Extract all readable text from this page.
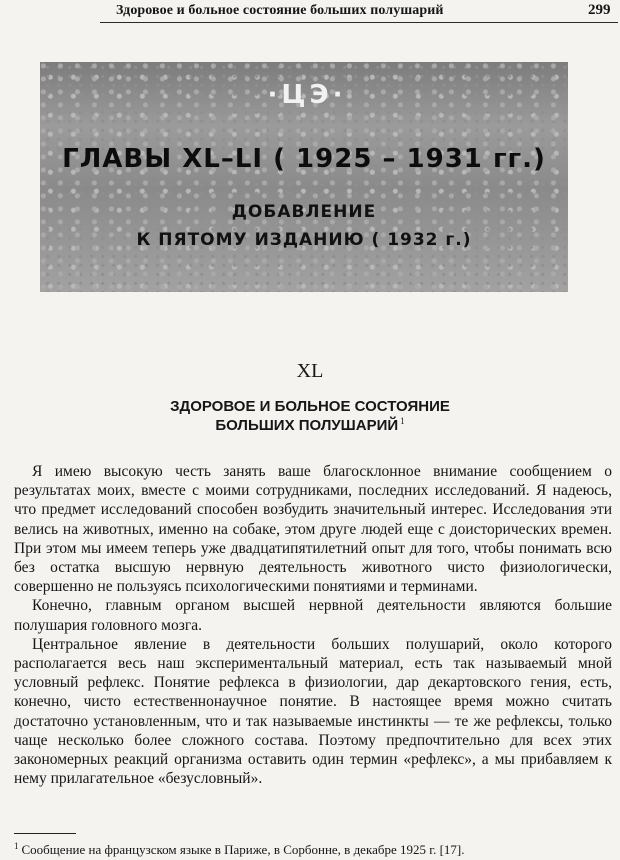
Здоровое и больное состояние больших полушарий	299
·ЦЭ·
ГЛАВЫ XL–LI ( 1925 – 1931 гг.)
ДОБАВЛЕНИЕ
К ПЯТОМУ ИЗДАНИЮ ( 1932 г.)
XL
ЗДОРОВОЕ И БОЛЬНОЕ СОСТОЯНИЕ
БОЛЬШИХ ПОЛУШАРИЙ $^1$

Я имею высокую честь занять ваше благосклонное внимание сообщением о результатах моих, вместе с моими сотрудниками, последних исследований. Я надеюсь, что предмет исследований способен возбудить значительный интерес. Исследования эти велись на животных, именно на собаке, этом друге людей еще с доисторических времен. При этом мы имеем теперь уже двадцатипятилетний опыт для того, чтобы понимать всю без остатка высшую нервную деятельность животного чисто физиологически, совершенно не пользуясь психологическими понятиями и терминами.

Конечно, главным органом высшей нервной деятельности являются большие полушария головного мозга.

Центральное явление в деятельности больших полушарий, около которого располагается весь наш экспериментальный материал, есть так называемый мной условный рефлекс. Понятие рефлекса в физиологии, дар декартовского гения, есть, конечно, чисто естественнонаучное понятие. В настоящее время можно считать достаточно установленным, что и так называемые инстинкты — те же рефлексы, только чаще несколько более сложного состава. Поэтому предпочтительно для всех этих закономерных реакций организма оставить один термин «рефлекс», а мы прибавляем к нему прилагательное «безусловный».

$^1$ Сообщение на французском языке в Париже, в Сорбонне, в декабре 1925 г. [17].
